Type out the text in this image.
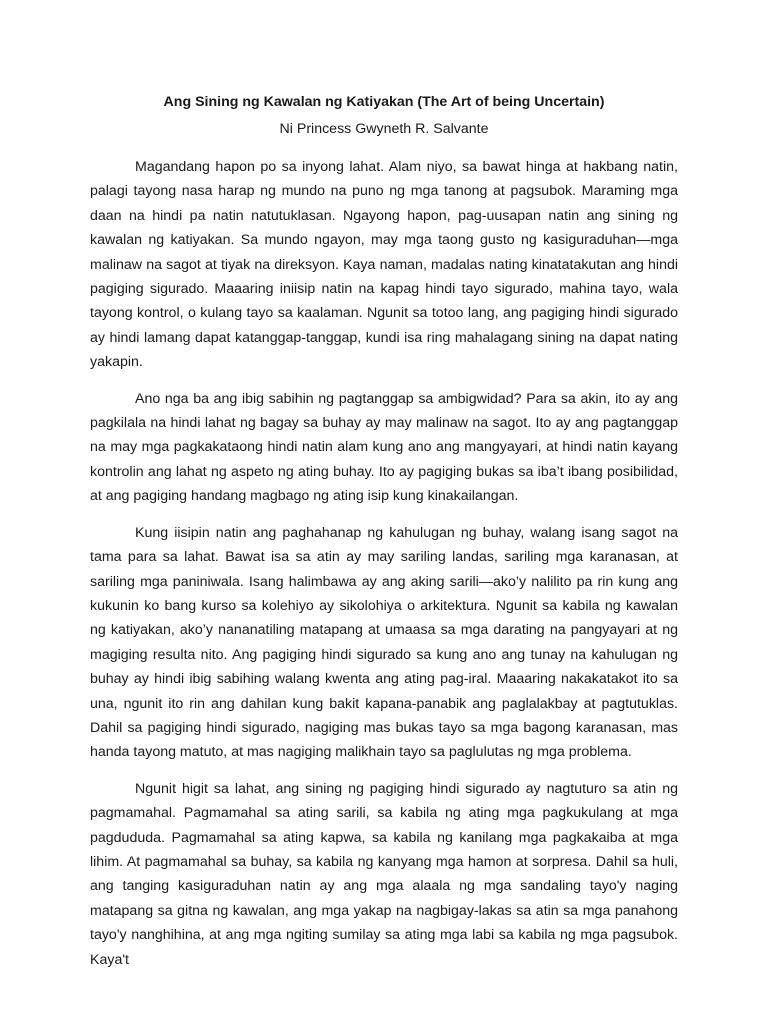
Ang Sining ng Kawalan ng Katiyakan (The Art of being Uncertain)

Ni Princess Gwyneth R. Salvante

Magandang hapon po sa inyong lahat. Alam niyo, sa bawat hinga at hakbang natin, palagi tayong nasa harap ng mundo na puno ng mga tanong at pagsubok. Maraming mga daan na hindi pa natin natutuklasan. Ngayong hapon, pag-uusapan natin ang sining ng kawalan ng katiyakan. Sa mundo ngayon, may mga taong gusto ng kasiguraduhan—mga malinaw na sagot at tiyak na direksyon. Kaya naman, madalas nating kinatatakutan ang hindi pagiging sigurado. Maaaring iniisip natin na kapag hindi tayo sigurado, mahina tayo, wala tayong kontrol, o kulang tayo sa kaalaman. Ngunit sa totoo lang, ang pagiging hindi sigurado ay hindi lamang dapat katanggap-tanggap, kundi isa ring mahalagang sining na dapat nating yakapin.

Ano nga ba ang ibig sabihin ng pagtanggap sa ambigwidad? Para sa akin, ito ay ang pagkilala na hindi lahat ng bagay sa buhay ay may malinaw na sagot. Ito ay ang pagtanggap na may mga pagkakataong hindi natin alam kung ano ang mangyayari, at hindi natin kayang kontrolin ang lahat ng aspeto ng ating buhay. Ito ay pagiging bukas sa iba’t ibang posibilidad, at ang pagiging handang magbago ng ating isip kung kinakailangan.

Kung iisipin natin ang paghahanap ng kahulugan ng buhay, walang isang sagot na tama para sa lahat. Bawat isa sa atin ay may sariling landas, sariling mga karanasan, at sariling mga paniniwala. Isang halimbawa ay ang aking sarili—ako’y nalilito pa rin kung ang kukunin ko bang kurso sa kolehiyo ay sikolohiya o arkitektura. Ngunit sa kabila ng kawalan ng katiyakan, ako’y nananatiling matapang at umaasa sa mga darating na pangyayari at ng magiging resulta nito. Ang pagiging hindi sigurado sa kung ano ang tunay na kahulugan ng buhay ay hindi ibig sabihing walang kwenta ang ating pag-iral. Maaaring nakakatakot ito sa una, ngunit ito rin ang dahilan kung bakit kapana-panabik ang paglalakbay at pagtutuklas. Dahil sa pagiging hindi sigurado, nagiging mas bukas tayo sa mga bagong karanasan, mas handa tayong matuto, at mas nagiging malikhain tayo sa paglulutas ng mga problema.

Ngunit higit sa lahat, ang sining ng pagiging hindi sigurado ay nagtuturo sa atin ng pagmamahal. Pagmamahal sa ating sarili, sa kabila ng ating mga pagkukulang at mga pagdududa. Pagmamahal sa ating kapwa, sa kabila ng kanilang mga pagkakaiba at mga lihim. At pagmamahal sa buhay, sa kabila ng kanyang mga hamon at sorpresa. Dahil sa huli, ang tanging kasiguraduhan natin ay ang mga alaala ng mga sandaling tayo'y naging matapang sa gitna ng kawalan, ang mga yakap na nagbigay-lakas sa atin sa mga panahong tayo'y nanghihina, at ang mga ngiting sumilay sa ating mga labi sa kabila ng mga pagsubok. Kaya't
